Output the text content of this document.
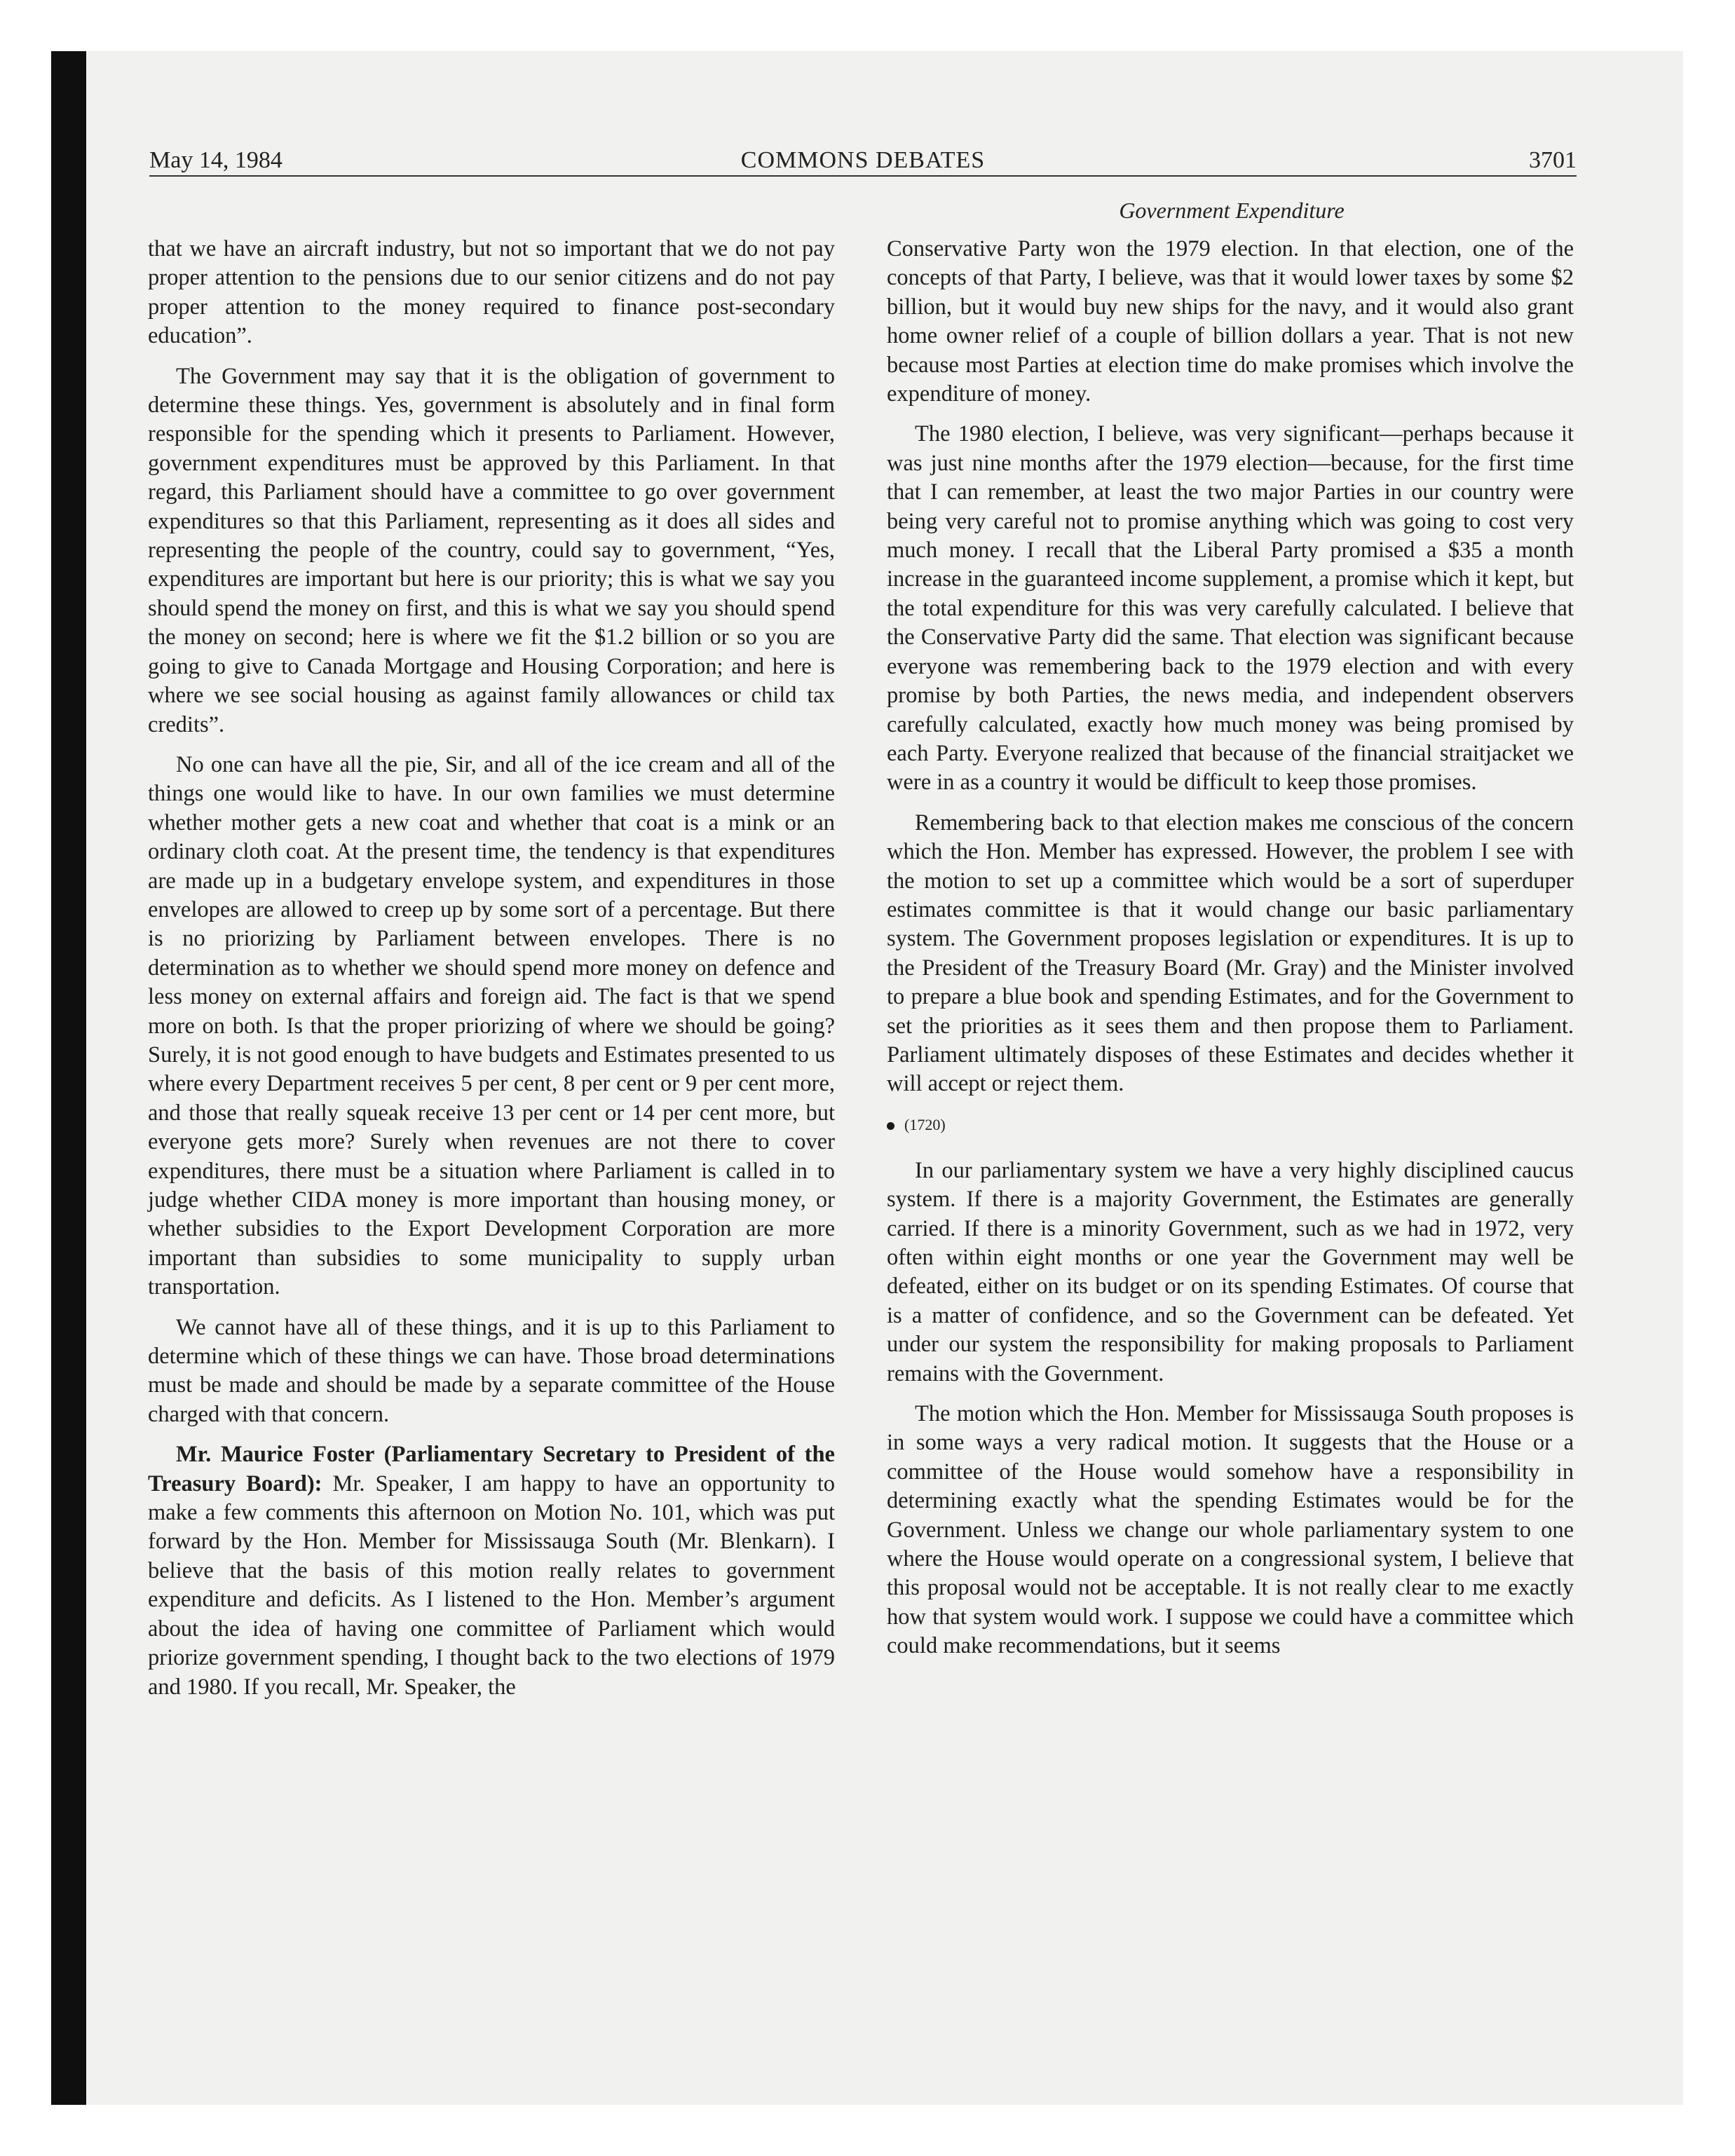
May 14, 1984	COMMONS DEBATES	3701
Government Expenditure

that we have an aircraft industry, but not so important that we do not pay proper attention to the pensions due to our senior citizens and do not pay proper attention to the money required to finance post-secondary education”.

The Government may say that it is the obligation of government to determine these things. Yes, government is absolutely and in final form responsible for the spending which it presents to Parliament. However, government expenditures must be approved by this Parliament. In that regard, this Parliament should have a committee to go over government expenditures so that this Parliament, representing as it does all sides and representing the people of the country, could say to government, “Yes, expenditures are important but here is our priority; this is what we say you should spend the money on first, and this is what we say you should spend the money on second; here is where we fit the $1.2 billion or so you are going to give to Canada Mortgage and Housing Corporation; and here is where we see social housing as against family allowances or child tax credits”.

No one can have all the pie, Sir, and all of the ice cream and all of the things one would like to have. In our own families we must determine whether mother gets a new coat and whether that coat is a mink or an ordinary cloth coat. At the present time, the tendency is that expenditures are made up in a budgetary envelope system, and expenditures in those envelopes are allowed to creep up by some sort of a percentage. But there is no priorizing by Parliament between envelopes. There is no determination as to whether we should spend more money on defence and less money on external affairs and foreign aid. The fact is that we spend more on both. Is that the proper priorizing of where we should be going? Surely, it is not good enough to have budgets and Estimates presented to us where every Department receives 5 per cent, 8 per cent or 9 per cent more, and those that really squeak receive 13 per cent or 14 per cent more, but everyone gets more? Surely when revenues are not there to cover expenditures, there must be a situation where Parliament is called in to judge whether CIDA money is more important than housing money, or whether subsidies to the Export Development Corporation are more important than subsidies to some municipality to supply urban transportation.

We cannot have all of these things, and it is up to this Parliament to determine which of these things we can have. Those broad determinations must be made and should be made by a separate committee of the House charged with that concern.

Mr. Maurice Foster (Parliamentary Secretary to President of the Treasury Board): Mr. Speaker, I am happy to have an opportunity to make a few comments this afternoon on Motion No. 101, which was put forward by the Hon. Member for Mississauga South (Mr. Blenkarn). I believe that the basis of this motion really relates to government expenditure and deficits. As I listened to the Hon. Member’s argument about the idea of having one committee of Parliament which would priorize government spending, I thought back to the two elections of 1979 and 1980. If you recall, Mr. Speaker, the

Conservative Party won the 1979 election. In that election, one of the concepts of that Party, I believe, was that it would lower taxes by some $2 billion, but it would buy new ships for the navy, and it would also grant home owner relief of a couple of billion dollars a year. That is not new because most Parties at election time do make promises which involve the expenditure of money.

The 1980 election, I believe, was very significant—perhaps because it was just nine months after the 1979 election—because, for the first time that I can remember, at least the two major Parties in our country were being very careful not to promise anything which was going to cost very much money. I recall that the Liberal Party promised a $35 a month increase in the guaranteed income supplement, a promise which it kept, but the total expenditure for this was very carefully calculated. I believe that the Conservative Party did the same. That election was significant because everyone was remembering back to the 1979 election and with every promise by both Parties, the news media, and independent observers carefully calculated, exactly how much money was being promised by each Party. Everyone realized that because of the financial straitjacket we were in as a country it would be difficult to keep those promises.

Remembering back to that election makes me conscious of the concern which the Hon. Member has expressed. However, the problem I see with the motion to set up a committee which would be a sort of superduper estimates committee is that it would change our basic parliamentary system. The Government proposes legislation or expenditures. It is up to the President of the Treasury Board (Mr. Gray) and the Minister involved to prepare a blue book and spending Estimates, and for the Government to set the priorities as it sees them and then propose them to Parliament. Parliament ultimately disposes of these Estimates and decides whether it will accept or reject them.

(1720)

In our parliamentary system we have a very highly disciplined caucus system. If there is a majority Government, the Estimates are generally carried. If there is a minority Government, such as we had in 1972, very often within eight months or one year the Government may well be defeated, either on its budget or on its spending Estimates. Of course that is a matter of confidence, and so the Government can be defeated. Yet under our system the responsibility for making proposals to Parliament remains with the Government.

The motion which the Hon. Member for Mississauga South proposes is in some ways a very radical motion. It suggests that the House or a committee of the House would somehow have a responsibility in determining exactly what the spending Estimates would be for the Government. Unless we change our whole parliamentary system to one where the House would operate on a congressional system, I believe that this proposal would not be acceptable. It is not really clear to me exactly how that system would work. I suppose we could have a committee which could make recommendations, but it seems
